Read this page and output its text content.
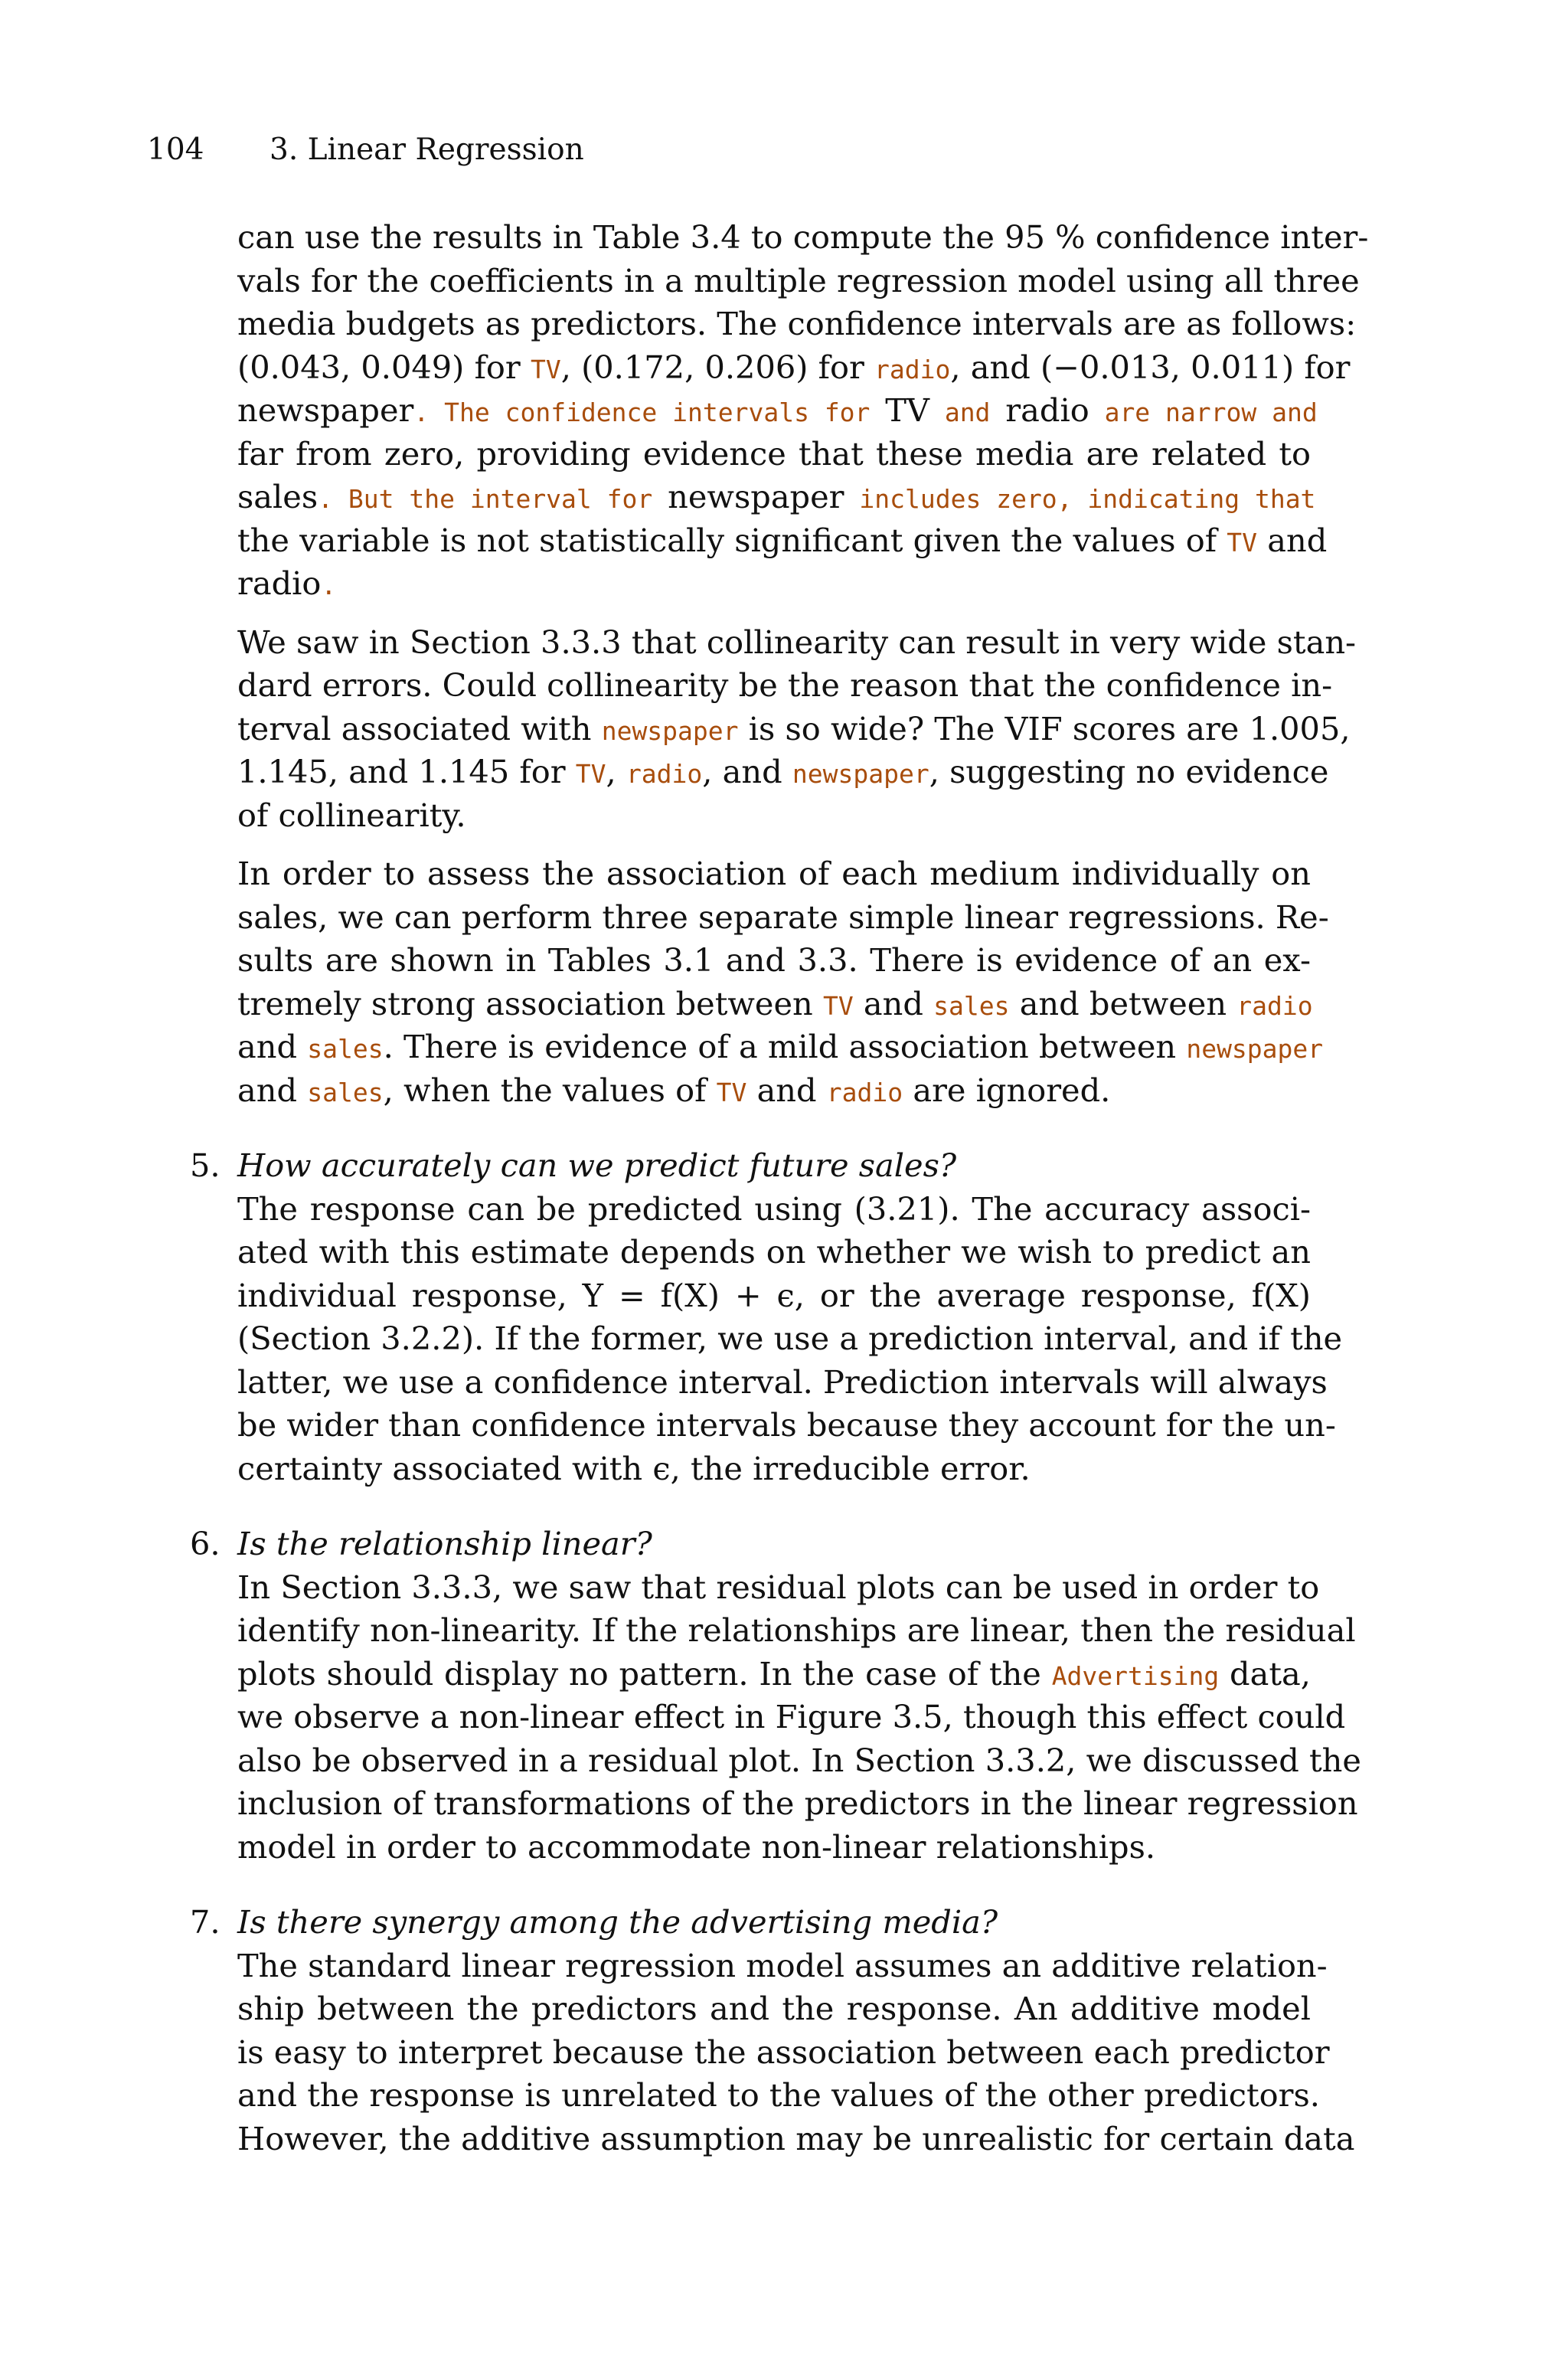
104 3. Linear Regression
can use the results in Table 3.4 to compute the 95 % confidence inter-
vals for the coefficients in a multiple regression model using all three
media budgets as predictors. The confidence intervals are as follows:
(0.043, 0.049) for TV, (0.172, 0.206) for radio, and (−0.013, 0.011) for
newspaper. The confidence intervals for TV and radio are narrow and
far from zero, providing evidence that these media are related to
sales. But the interval for newspaper includes zero, indicating that
the variable is not statistically significant given the values of TV and
radio.
We saw in Section 3.3.3 that collinearity can result in very wide stan-
dard errors. Could collinearity be the reason that the confidence in-
terval associated with newspaper is so wide? The VIF scores are 1.005,
1.145, and 1.145 for TV, radio, and newspaper, suggesting no evidence
of collinearity.
In order to assess the association of each medium individually on
sales, we can perform three separate simple linear regressions. Re-
sults are shown in Tables 3.1 and 3.3. There is evidence of an ex-
tremely strong association between TV and sales and between radio
and sales. There is evidence of a mild association between newspaper
and sales, when the values of TV and radio are ignored.
5. How accurately can we predict future sales?
The response can be predicted using (3.21). The accuracy associ-
ated with this estimate depends on whether we wish to predict an
individual response, Y = f(X) + ϵ, or the average response, f(X)
(Section 3.2.2). If the former, we use a prediction interval, and if the
latter, we use a confidence interval. Prediction intervals will always
be wider than confidence intervals because they account for the un-
certainty associated with ϵ, the irreducible error.
6. Is the relationship linear?
In Section 3.3.3, we saw that residual plots can be used in order to
identify non-linearity. If the relationships are linear, then the residual
plots should display no pattern. In the case of the Advertising data,
we observe a non-linear effect in Figure 3.5, though this effect could
also be observed in a residual plot. In Section 3.3.2, we discussed the
inclusion of transformations of the predictors in the linear regression
model in order to accommodate non-linear relationships.
7. Is there synergy among the advertising media?
The standard linear regression model assumes an additive relation-
ship between the predictors and the response. An additive model
is easy to interpret because the association between each predictor
and the response is unrelated to the values of the other predictors.
However, the additive assumption may be unrealistic for certain data
